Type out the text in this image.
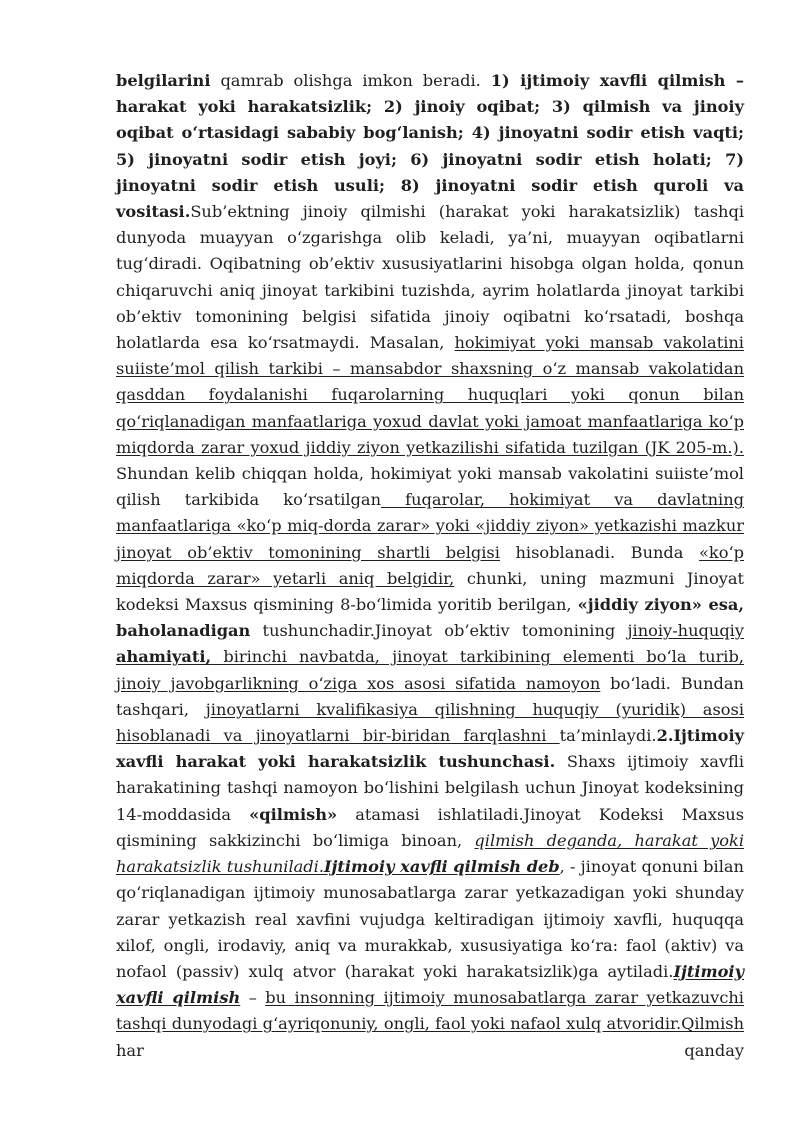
belgilarini qamrab olishga imkon beradi. 1) ijtimoiy xavfli qilmish – harakat yoki harakatsizlik; 2) jinoiy oqibat; 3) qilmish va jinoiy oqibat o‘rtasidagi sababiy bog‘lanish; 4) jinoyatni sodir etish vaqti; 5) jinoyatni sodir etish joyi; 6) jinoyatni sodir etish holati; 7) jinoyatni sodir etish usuli; 8) jinoyatni sodir etish quroli va vositasi.Sub’ektning jinoiy qilmishi (harakat yoki harakatsizlik) tashqi dunyoda muayyan o‘zgarishga olib keladi, ya’ni, muayyan oqibatlarni tug‘diradi. Oqibatning ob’ektiv xususiyatlarini hisobga olgan holda, qonun chiqaruvchi aniq jinoyat tarkibini tuzishda, ayrim holatlarda jinoyat tarkibi ob’ektiv tomonining belgisi sifatida jinoiy oqibatni ko‘rsatadi, boshqa holatlarda esa ko‘rsatmaydi. Masalan, hokimiyat yoki mansab vakolatini suiiste’mol qilish tarkibi – mansabdor shaxsning o‘z mansab vakolatidan qasddan foydalanishi fuqarolarning huquqlari yoki qonun bilan qo‘riqlanadigan manfaatlariga yoxud davlat yoki jamoat manfaatlariga ko‘p miqdorda zarar yoxud jiddiy ziyon yetkazilishi sifatida tuzilgan (JK 205-m.). Shundan kelib chiqqan holda, hokimiyat yoki mansab vakolatini suiiste’mol qilish tarkibida ko‘rsatilgan fuqarolar, hokimiyat va davlatning manfaatlariga «ko‘p miq-dorda zarar» yoki «jiddiy ziyon» yetkazishi mazkur jinoyat ob’ektiv tomonining shartli belgisi hisoblanadi. Bunda «ko‘p miqdorda zarar» yetarli aniq belgidir, chunki, uning mazmuni Jinoyat kodeksi Maxsus qismining 8-bo‘limida yoritib berilgan, «jiddiy ziyon» esa, baholanadigan tushunchadir.Jinoyat ob’ektiv tomonining jinoiy-huquqiy ahamiyati, birinchi navbatda, jinoyat tarkibining elementi bo‘la turib, jinoiy javobgarlikning o‘ziga xos asosi sifatida namoyon bo‘ladi. Bundan tashqari, jinoyatlarni kvalifikasiya qilishning huquqiy (yuridik) asosi hisoblanadi va jinoyatlarni bir-biridan farqlashni ta’minlaydi.2.Ijtimoiy xavfli harakat yoki harakatsizlik tushunchasi. Shaxs ijtimoiy xavfli harakatining tashqi namoyon bo‘lishini belgilash uchun Jinoyat kodeksining 14-moddasida «qilmish» atamasi ishlatiladi.Jinoyat Kodeksi Maxsus qismining sakkizinchi bo‘limiga binoan, qilmish deganda, harakat yoki harakatsizlik tushuniladi.Ijtimoiy xavfli qilmish deb, - jinoyat qonuni bilan qo‘riqlanadigan ijtimoiy munosabatlarga zarar yetkazadigan yoki shunday zarar yetkazish real xavfini vujudga keltiradigan ijtimoiy xavfli, huquqqa xilof, ongli, irodaviy, aniq va murakkab, xususiyatiga ko‘ra: faol (aktiv) va nofaol (passiv) xulq atvor (harakat yoki harakatsizlik)ga aytiladi.Ijtimoiy xavfli qilmish – bu insonning ijtimoiy munosabatlarga zarar yetkazuvchi tashqi dunyodagi g‘ayriqonuniy, ongli, faol yoki nafaol xulq atvoridir.Qilmish har qanday
